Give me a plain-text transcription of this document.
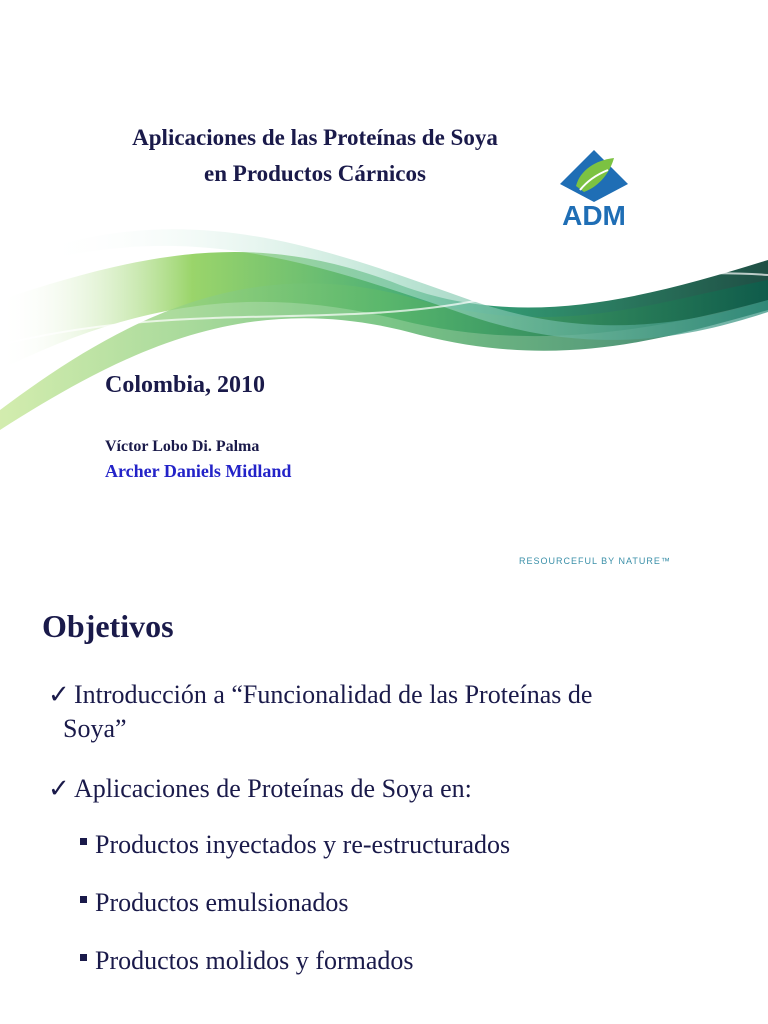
Aplicaciones de las Proteínas de Soya
en Productos Cárnicos
ADM
Colombia, 2010
Víctor Lobo Di. Palma
Archer Daniels Midland
RESOURCEFUL BY NATURE™
Objetivos
✓ Introducción a “Funcionalidad de las Proteínas de
Soya”
✓ Aplicaciones de Proteínas de Soya en:
Productos inyectados y re-estructurados
Productos emulsionados
Productos molidos y formados
